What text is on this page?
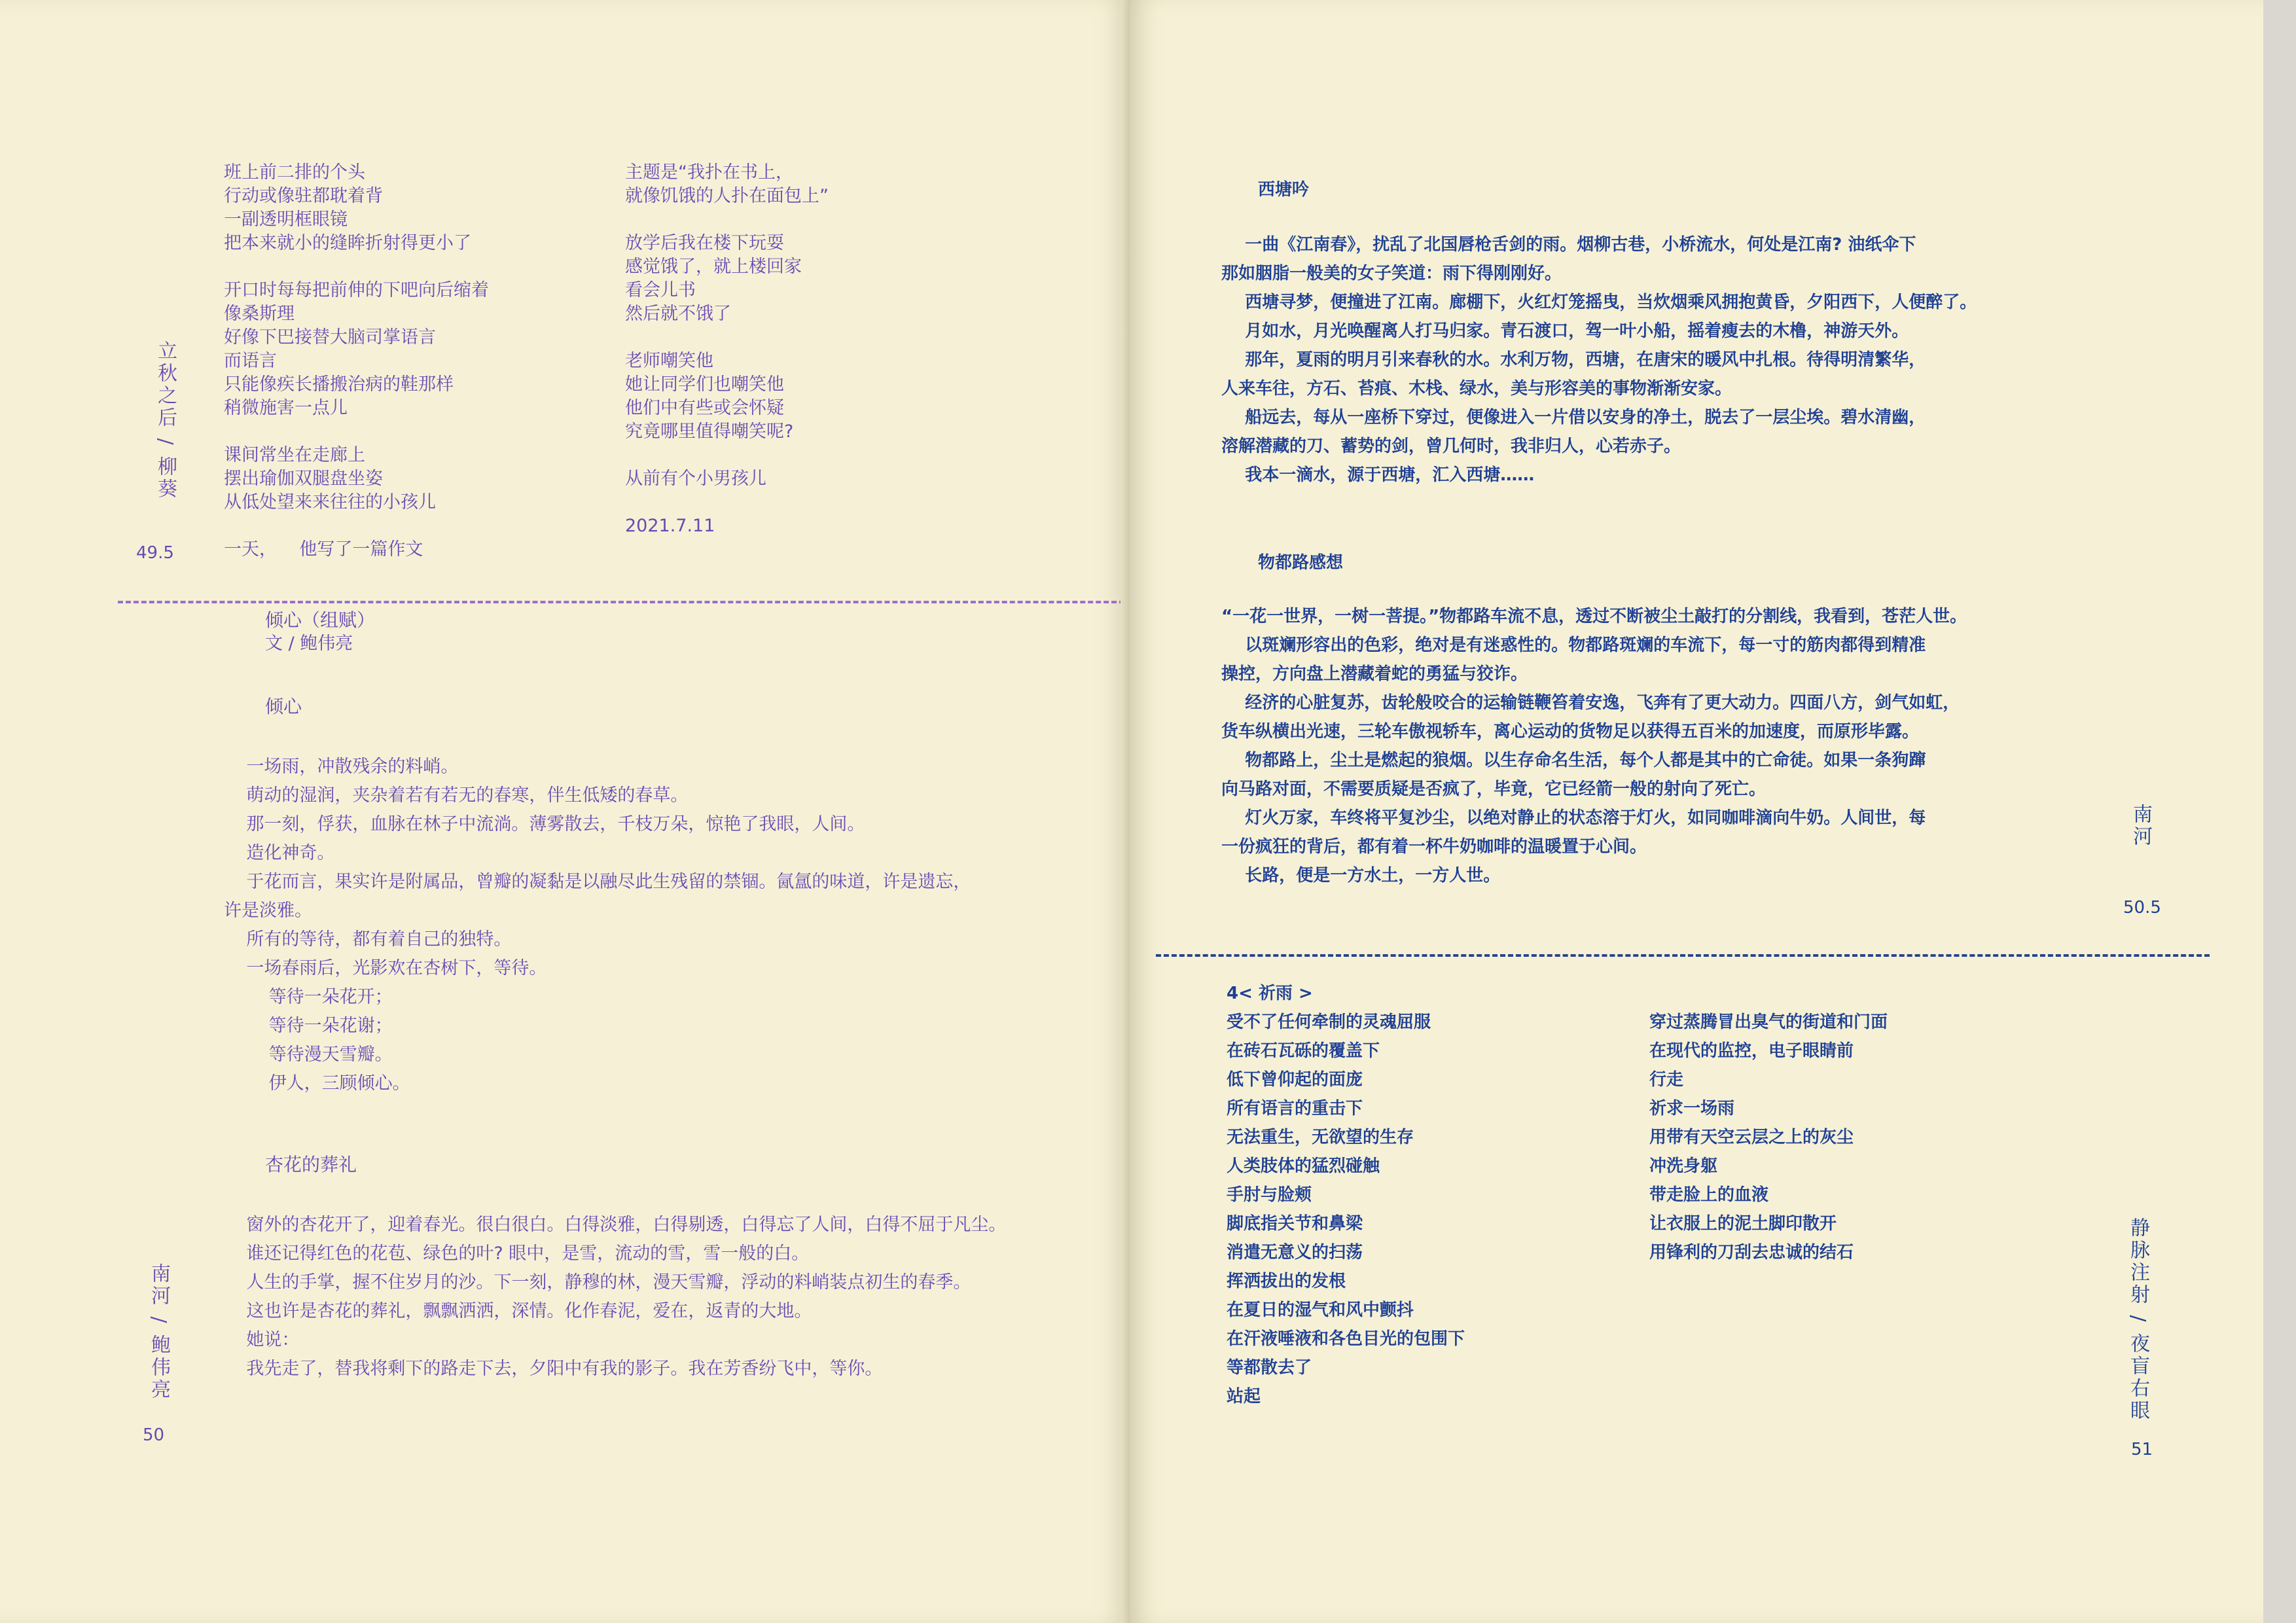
班上前二排的个头
行动或像驻都耽着背
一副透明框眼镜
把本来就小的缝眸折射得更小了

开口时每每把前伸的下吧向后缩着
像桑斯理
好像下巴接替大脑司掌语言
而语言
只能像疾长播搬治病的鞋那样
稍微施害一点儿

课间常坐在走廊上
摆出瑜伽双腿盘坐姿
从低处望来来往往的小孩儿

一天，    他写了一篇作文
主题是“我扑在书上，
就像饥饿的人扑在面包上”

放学后我在楼下玩耍
感觉饿了，就上楼回家
看会儿书
然后就不饿了

老师嘲笑他
她让同学们也嘲笑他
他们中有些或会怀疑
究竟哪里值得嘲笑呢?

从前有个小男孩儿

2021.7.11
立秋之后 / 柳葵
49.5
倾心（组赋）
文 / 鲍伟亮
倾心
一场雨，冲散残余的料峭。
萌动的湿润，夹杂着若有若无的春寒，伴生低矮的春草。
那一刻，俘获，血脉在林子中流淌。薄雾散去，千枝万朵，惊艳了我眼，人间。
造化神奇。
于花而言，果实许是附属品，曾瓣的凝黏是以融尽此生残留的禁锢。氤氲的味道，许是遗忘，
许是淡雅。
所有的等待，都有着自己的独特。
一场春雨后，光影欢在杏树下，等待。
等待一朵花开；
等待一朵花谢；
等待漫天雪瓣。
伊人，三顾倾心。
杏花的葬礼
窗外的杏花开了，迎着春光。很白很白。白得淡雅，白得剔透，白得忘了人间，白得不屈于凡尘。
谁还记得红色的花苞、绿色的叶? 眼中，是雪，流动的雪，雪一般的白。
人生的手掌，握不住岁月的沙。下一刻，静穆的林，漫天雪瓣，浮动的料峭装点初生的春季。
这也许是杏花的葬礼，飘飘洒洒，深情。化作春泥，爱在，返青的大地。
她说：
我先走了，替我将剩下的路走下去，夕阳中有我的影子。我在芳香纷飞中，等你。
南河 / 鲍伟亮
50
西塘吟
一曲《江南春》，扰乱了北国唇枪舌剑的雨。烟柳古巷，小桥流水，何处是江南? 油纸伞下
那如胭脂一般美的女子笑道：雨下得刚刚好。
西塘寻梦，便撞进了江南。廊棚下，火红灯笼摇曳，当炊烟乘风拥抱黄昏，夕阳西下，人便醉了。
月如水，月光唤醒离人打马归家。青石渡口，驾一叶小船，摇着瘦去的木橹，神游天外。
那年，夏雨的明月引来春秋的水。水利万物，西塘，在唐宋的暖风中扎根。待得明清繁华，
人来车往，方石、苔痕、木栈、绿水，美与形容美的事物渐渐安家。
船远去，每从一座桥下穿过，便像进入一片借以安身的净土，脱去了一层尘埃。碧水清幽，
溶解潜藏的刀、蓄势的剑，曾几何时，我非归人，心若赤子。
我本一滴水，源于西塘，汇入西塘……
物都路感想
“一花一世界，一树一菩提。”物都路车流不息，透过不断被尘土敲打的分割线，我看到，苍茫人世。
以斑斓形容出的色彩，绝对是有迷惑性的。物都路斑斓的车流下，每一寸的筋肉都得到精准
操控，方向盘上潜藏着蛇的勇猛与狡诈。
经济的心脏复苏，齿轮般咬合的运输链鞭笞着安逸，飞奔有了更大动力。四面八方，剑气如虹，
货车纵横出光速，三轮车傲视轿车，离心运动的货物足以获得五百米的加速度，而原形毕露。
物都路上，尘土是燃起的狼烟。以生存命名生活，每个人都是其中的亡命徒。如果一条狗蹿
向马路对面，不需要质疑是否疯了，毕竟，它已经箭一般的射向了死亡。
灯火万家，车终将平复沙尘，以绝对静止的状态溶于灯火，如同咖啡滴向牛奶。人间世，每
一份疯狂的背后，都有着一杯牛奶咖啡的温暖置于心间。
长路，便是一方水土，一方人世。
南河
50.5
4< 祈雨 >
受不了任何牵制的灵魂屈服
在砖石瓦砾的覆盖下
低下曾仰起的面庞
所有语言的重击下
无法重生，无欲望的生存
人类肢体的猛烈碰触
手肘与脸颊
脚底指关节和鼻梁
消遣无意义的扫荡
挥洒拔出的发根
在夏日的湿气和风中颤抖
在汗液唾液和各色目光的包围下
等都散去了
站起
穿过蒸腾冒出臭气的街道和门面
在现代的监控，电子眼睛前
行走
祈求一场雨
用带有天空云层之上的灰尘
冲洗身躯
带走脸上的血液
让衣服上的泥土脚印散开
用锋利的刀刮去忠诚的结石	静脉注射 / 夜盲右眼
51
